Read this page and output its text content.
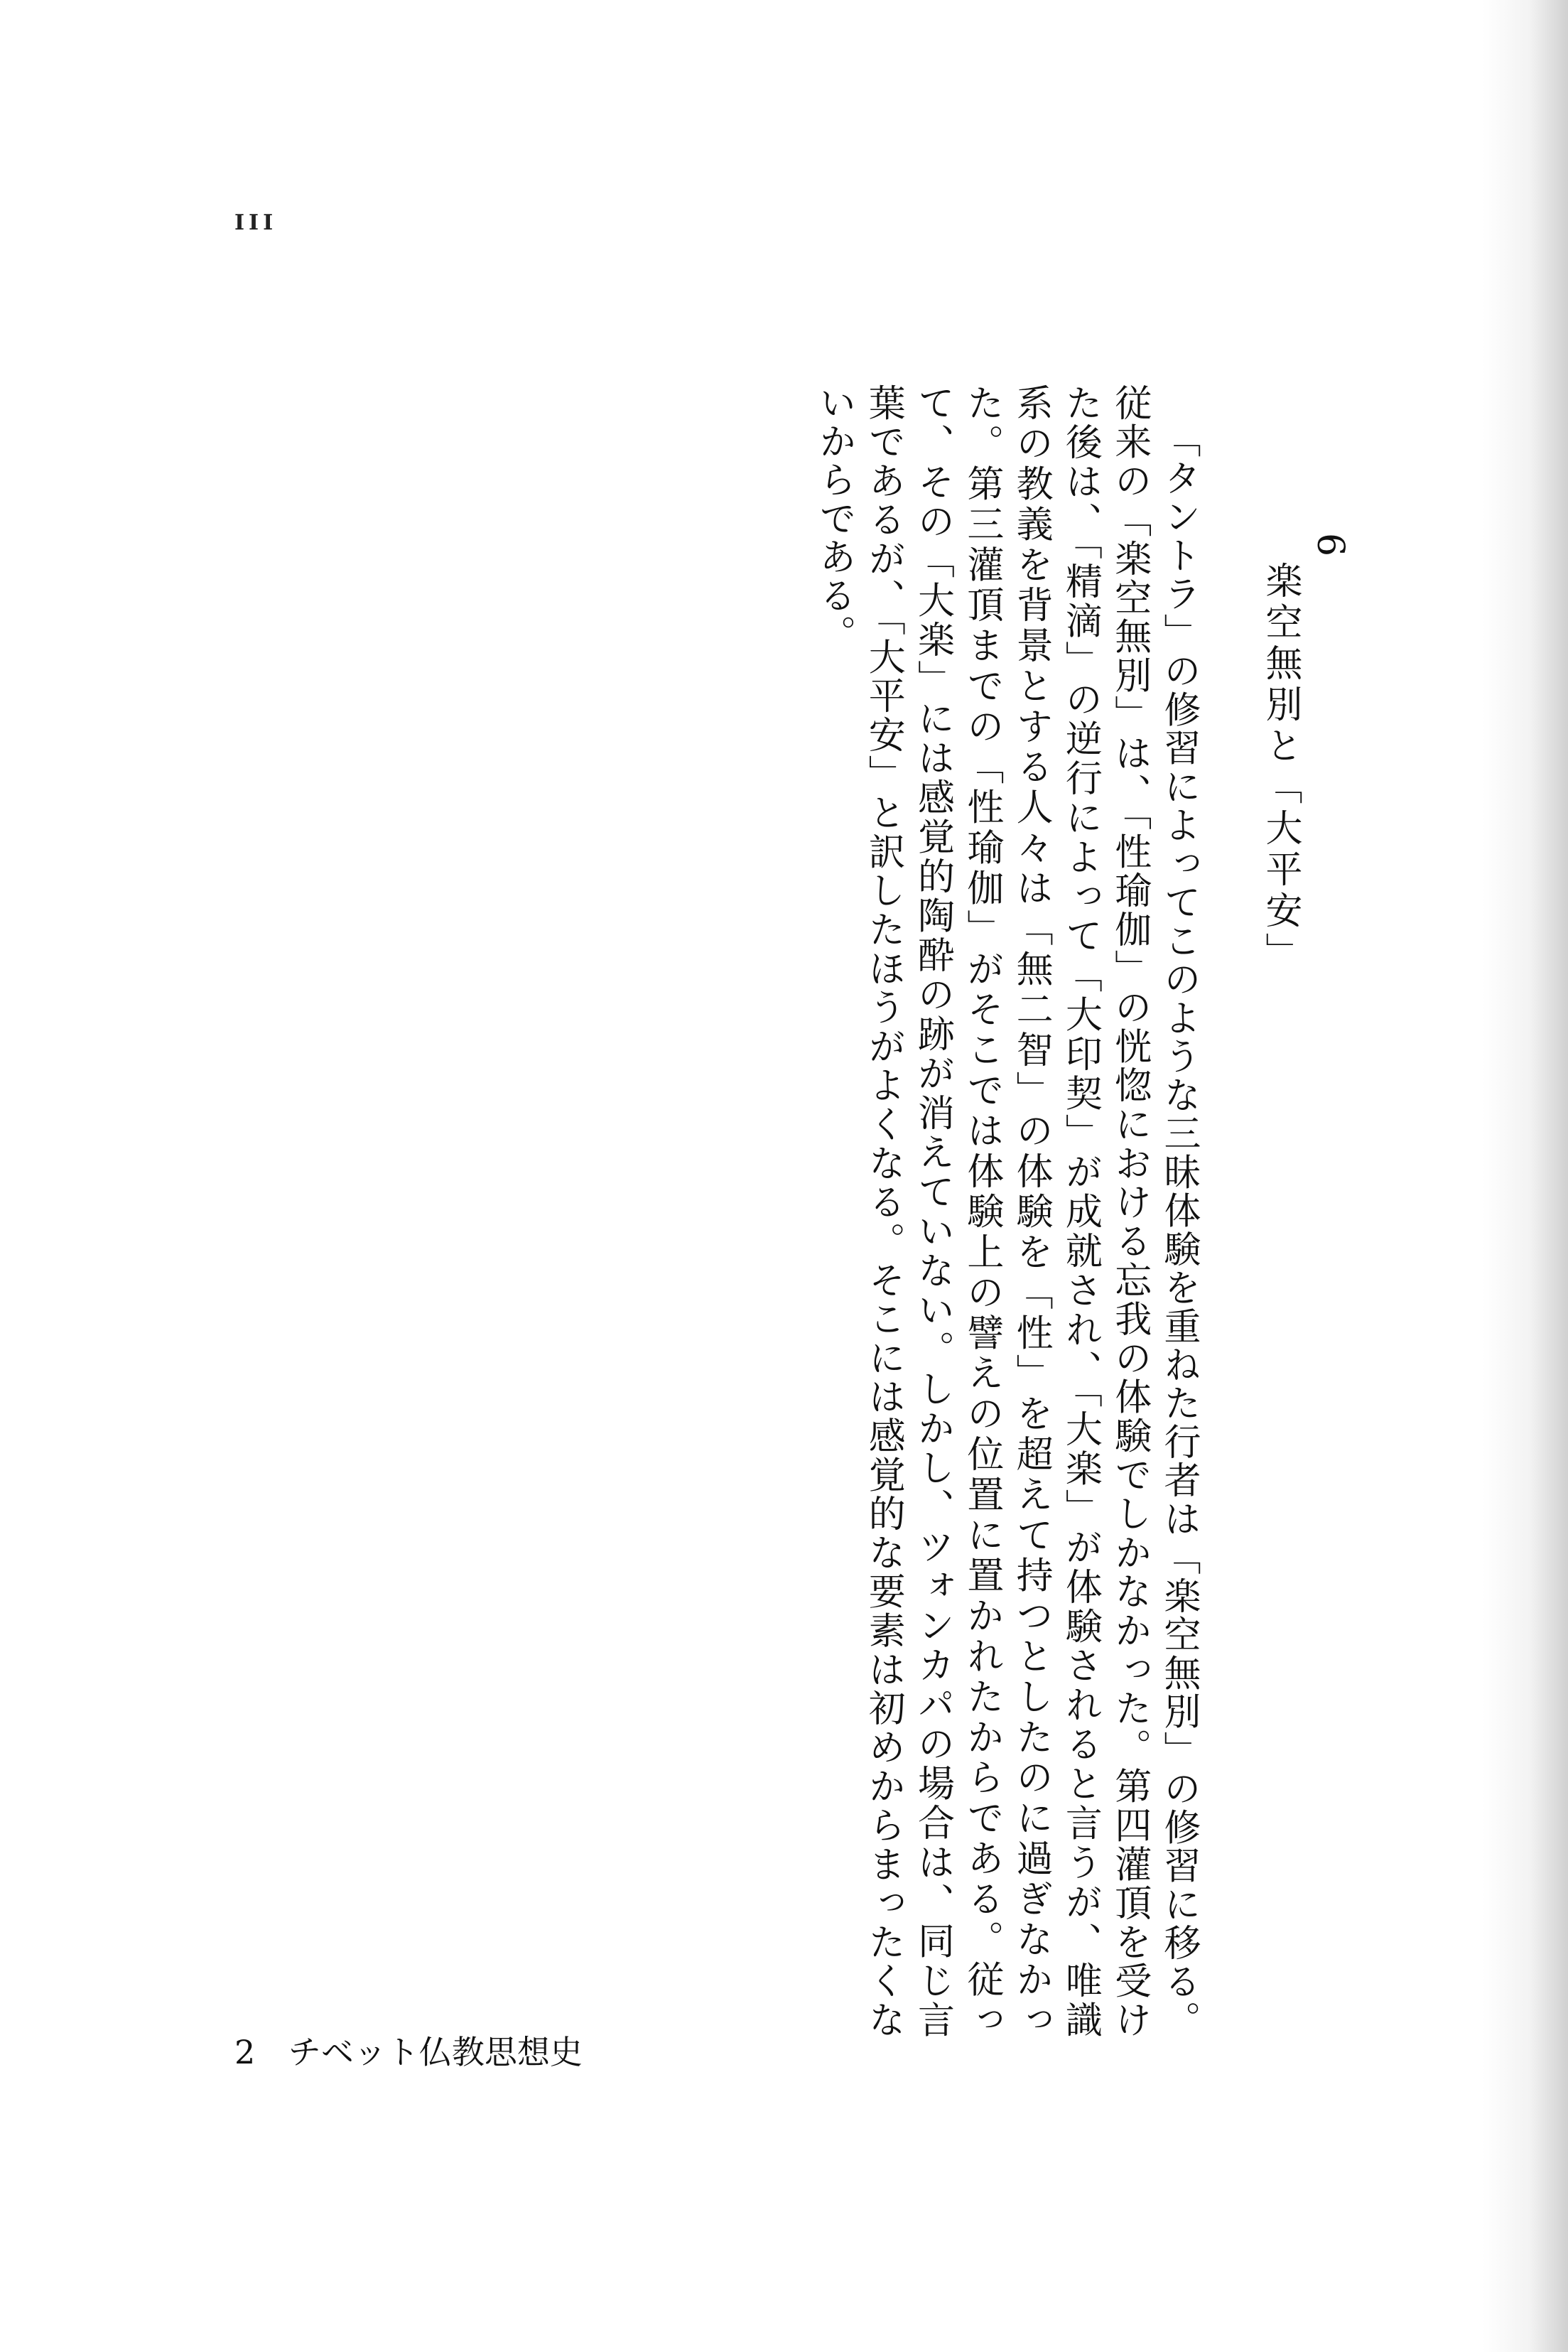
III
6
楽空無別と「大平安」

「タントラ」の修習によってこのような三昧体験を重ねた行者は「楽空無別」の修習に移る。従来の「楽空無別」は、「性瑜伽」の恍惚における忘我の体験でしかなかった。第四灌頂を受けた後は、「精滴」の逆行によって「大印契」が成就され、「大楽」が体験されると言うが、唯識系の教義を背景とする人々は「無二智」の体験を「性」を超えて持つとしたのに過ぎなかった。第三灌頂までの「性瑜伽」がそこでは体験上の譬えの位置に置かれたからである。従って、その「大楽」には感覚的陶酔の跡が消えていない。しかし、ツォンカパの場合は、同じ言葉であるが、「大平安」と訳したほうがよくなる。そこには感覚的な要素は初めからまったくないからである。

2 チベット仏教思想史
